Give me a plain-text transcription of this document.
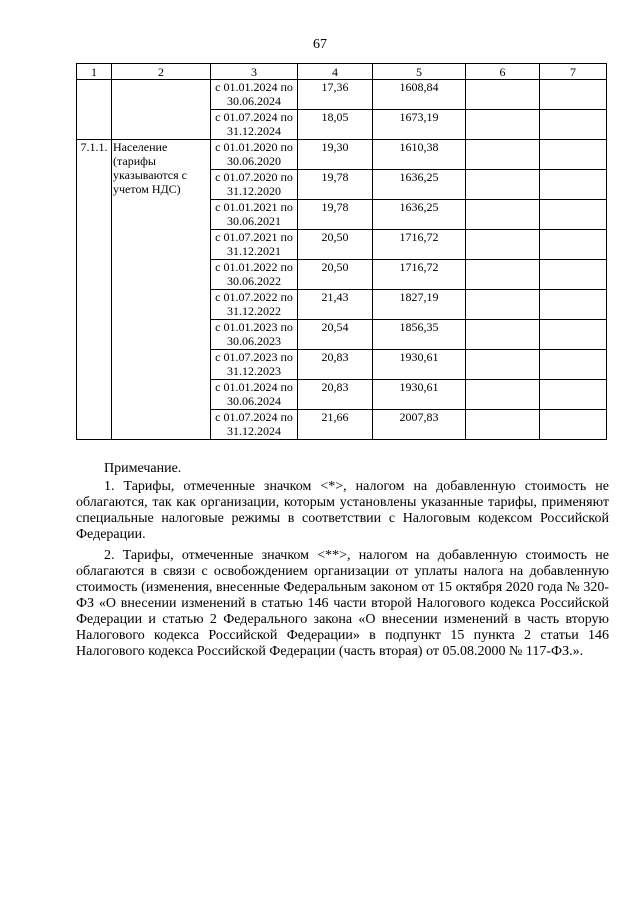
67
1	2	3	4	5	6	7
		с 01.01.2024 по 30.06.2024	17,36	1608,84		
		с 01.07.2024 по 31.12.2024	18,05	1673,19		
7.1.1.	Население (тарифы указываются с учетом НДС)	с 01.01.2020 по 30.06.2020	19,30	1610,38		
		с 01.07.2020 по 31.12.2020	19,78	1636,25		
		с 01.01.2021 по 30.06.2021	19,78	1636,25		
		с 01.07.2021 по 31.12.2021	20,50	1716,72		
		с 01.01.2022 по 30.06.2022	20,50	1716,72		
		с 01.07.2022 по 31.12.2022	21,43	1827,19		
		с 01.01.2023 по 30.06.2023	20,54	1856,35		
		с 01.07.2023 по 31.12.2023	20,83	1930,61		
		с 01.01.2024 по 30.06.2024	20,83	1930,61		
		с 01.07.2024 по 31.12.2024	21,66	2007,83		
Примечание.
1. Тарифы, отмеченные значком <*>, налогом на добавленную стоимость не облагаются, так как организации, которым установлены указанные тарифы, применяют специальные налоговые режимы в соответствии с Налоговым кодексом Российской Федерации.
2. Тарифы, отмеченные значком <**>, налогом на добавленную стоимость не облагаются в связи с освобождением организации от уплаты налога на добавленную стоимость (изменения, внесенные Федеральным законом от 15 октября 2020 года № 320-ФЗ «О внесении изменений в статью 146 части второй Налогового кодекса Российской Федерации и статью 2 Федерального закона «О внесении изменений в часть вторую Налогового кодекса Российской Федерации» в подпункт 15 пункта 2 статьи 146 Налогового кодекса Российской Федерации (часть вторая) от 05.08.2000 № 117-ФЗ.».
